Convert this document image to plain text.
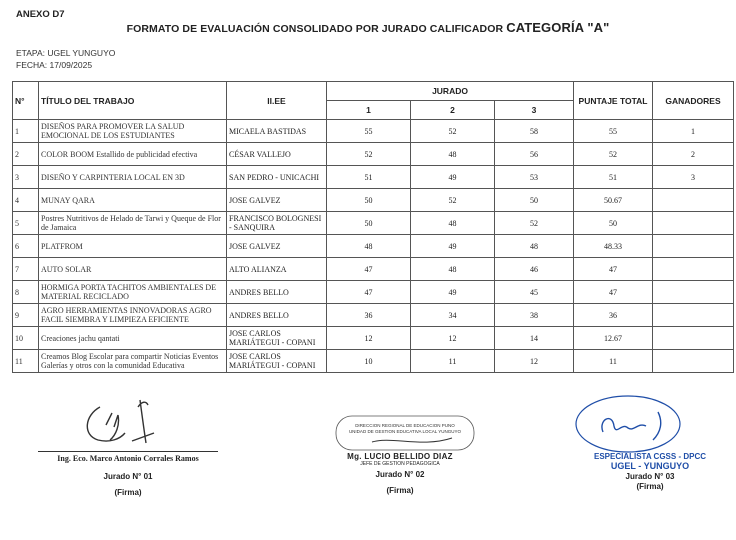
ANEXO D7
FORMATO DE EVALUACIÓN CONSOLIDADO POR JURADO CALIFICADOR CATEGORÍA "A"
ETAPA: UGEL YUNGUYO
FECHA: 17/09/2025
N°	TÍTULO DEL TRABAJO	II.EE	JURADO			PUNTAJE TOTAL	GANADORES
			1	2	3		
1	DISEÑOS PARA PROMOVER LA SALUD EMOCIONAL DE LOS ESTUDIANTES	MICAELA BASTIDAS	55	52	58	55	1
2	COLOR BOOM Estallido de publicidad efectiva	CÉSAR VALLEJO	52	48	56	52	2
3	DISEÑO Y CARPINTERIA LOCAL EN 3D	SAN PEDRO - UNICACHI	51	49	53	51	3
4	MUNAY QARA	JOSE GALVEZ	50	52	50	50.67	
5	Postres Nutritivos de Helado de Tarwi y Queque de Flor de Jamaica	FRANCISCO BOLOGNESI - SANQUIRA	50	48	52	50	
6	PLATFROM	JOSE GALVEZ	48	49	48	48.33	
7	AUTO SOLAR	ALTO ALIANZA	47	48	46	47	
8	HORMIGA PORTA TACHITOS AMBIENTALES DE MATERIAL RECICLADO	ANDRES BELLO	47	49	45	47	
9	AGRO HERRAMIENTAS INNOVADORAS AGRO FACIL SIEMBRA Y LIMPIEZA EFICIENTE	ANDRES BELLO	36	34	38	36	
10	Creaciones jachu qantati	JOSE CARLOS MARIÁTEGUI - COPANI	12	12	14	12.67	
11	Creamos Blog Escolar para compartir Noticias Eventos Galerías y otros con la comunidad Educativa	JOSE CARLOS MARIÁTEGUI - COPANI	10	11	12	11	
Ing. Eco. Marco Antonio Corrales Ramos
Jurado N° 01
(Firma)
DIRECCION REGIONAL DE EDUCACION PUNO
UNIDAD DE GESTION EDUCATIVA LOCAL YUNGUYO
Mg. LUCIO BELLIDO DIAZ
JEFE DE GESTION PEDAGOGICA
Jurado N° 02
(Firma)
ESPECIALISTA CGSS - DPCC
UGEL - YUNGUYO
Jurado N° 03
(Firma)
